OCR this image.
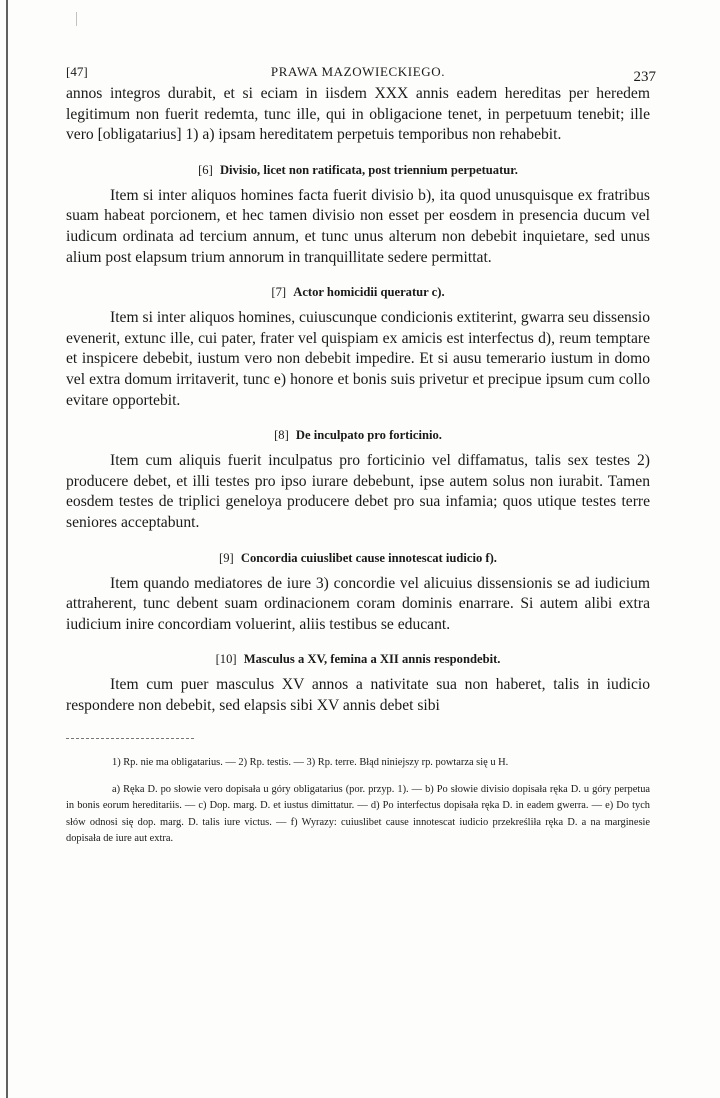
[47]	PRAWA MAZOWIECKIEGO.	237

annos integros durabit, et si eciam in iisdem XXX annis eadem hereditas per heredem legitimum non fuerit redemta, tunc ille, qui in obligacione tenet, in perpetuum tenebit; ille vero [obligatarius] 1) a) ipsam hereditatem perpetuis temporibus non rehabebit.

[6] Divisio, licet non ratificata, post triennium perpetuatur.

Item si inter aliquos homines facta fuerit divisio b), ita quod unusquisque ex fratribus suam habeat porcionem, et hec tamen divisio non esset per eosdem in presencia ducum vel iudicum ordinata ad tercium annum, et tunc unus alterum non debebit inquietare, sed unus alium post elapsum trium annorum in tranquillitate sedere permittat.

[7] Actor homicidii queratur c).

Item si inter aliquos homines, cuiuscunque condicionis extiterint, gwarra seu dissensio evenerit, extunc ille, cui pater, frater vel quispiam ex amicis est interfectus d), reum temptare et inspicere debebit, iustum vero non debebit impedire. Et si ausu temerario iustum in domo vel extra domum irritaverit, tunc e) honore et bonis suis privetur et precipue ipsum cum collo evitare opportebit.

[8] De inculpato pro forticinio.

Item cum aliquis fuerit inculpatus pro forticinio vel diffamatus, talis sex testes 2) producere debet, et illi testes pro ipso iurare debebunt, ipse autem solus non iurabit. Tamen eosdem testes de triplici geneloya producere debet pro sua infamia; quos utique testes terre seniores acceptabunt.

[9] Concordia cuiuslibet cause innotescat iudicio f).

Item quando mediatores de iure 3) concordie vel alicuius dissensionis se ad iudicium attraherent, tunc debent suam ordinacionem coram dominis enarrare. Si autem alibi extra iudicium inire concordiam voluerint, aliis testibus se educant.

[10] Masculus a XV, femina a XII annis respondebit.

Item cum puer masculus XV annos a nativitate sua non haberet, talis in iudicio respondere non debebit, sed elapsis sibi XV annis debet sibi

1) Rp. nie ma obligatarius. — 2) Rp. testis. — 3) Rp. terre. Błąd niniejszy rp. powtarza się u H.

a) Ręka D. po słowie vero dopisała u góry obligatarius (por. przyp. 1). — b) Po słowie divisio dopisała ręka D. u góry perpetua in bonis eorum hereditariis. — c) Dop. marg. D. et iustus dimittatur. — d) Po interfectus dopisała ręka D. in eadem gwerra. — e) Do tych słów odnosi się dop. marg. D. talis iure victus. — f) Wyrazy: cuiuslibet cause innotescat iudicio przekreśliła ręka D. a na marginesie dopisała de iure aut extra.
